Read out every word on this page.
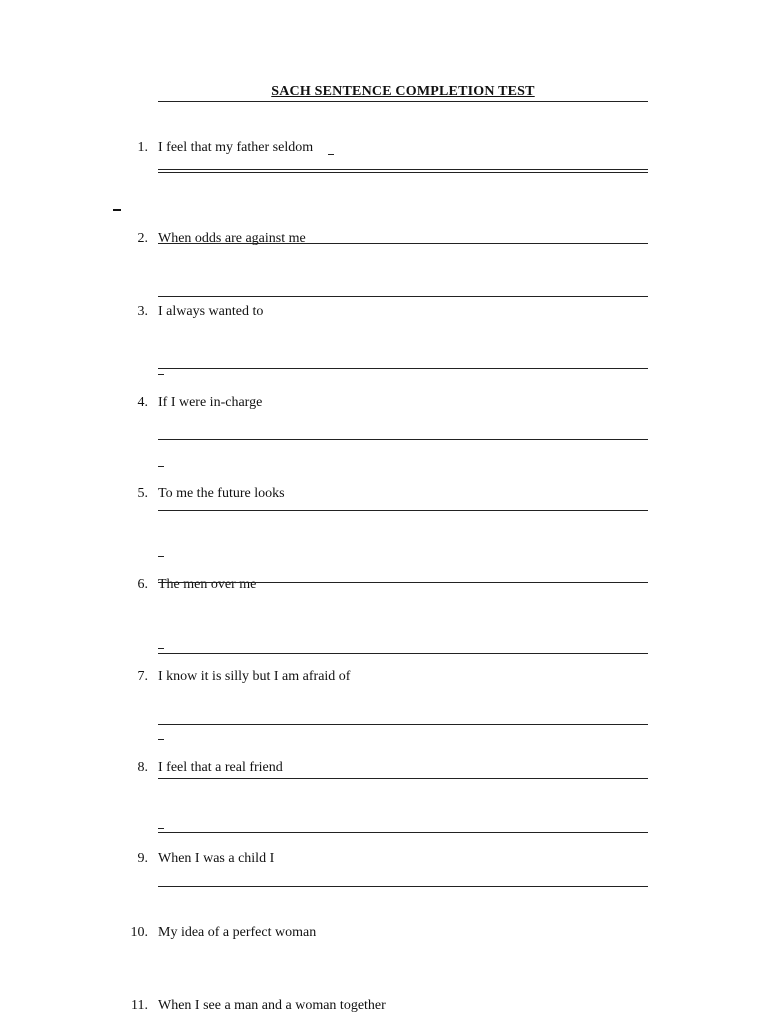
SACH SENTENCE COMPLETION TEST
1. I feel that my father seldom
2. When odds are against me
3. I always wanted to
4. If I were in-charge
5. To me the future looks
6. The men over me
7. I know it is silly but I am afraid of
8. I feel that a real friend
9. When I was a child I
10. My idea of a perfect woman
11. When I see a man and a woman together
